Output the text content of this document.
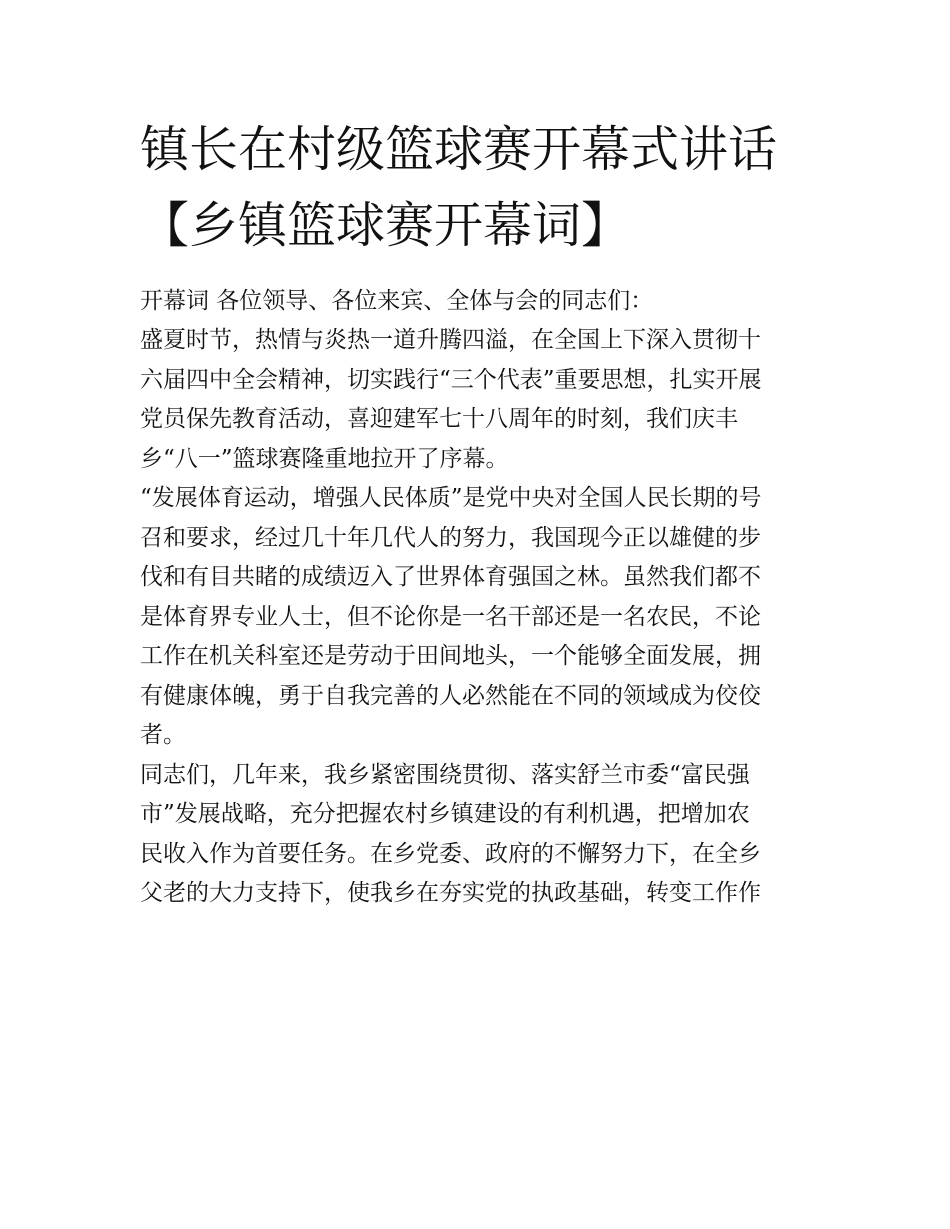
镇长在村级篮球赛开幕式讲话
【乡镇篮球赛开幕词】
开幕词 各位领导、各位来宾、全体与会的同志们：
盛夏时节，热情与炎热一道升腾四溢，在全国上下深入贯彻十
六届四中全会精神，切实践行“三个代表”重要思想，扎实开展
党员保先教育活动，喜迎建军七十八周年的时刻，我们庆丰
乡“八一”篮球赛隆重地拉开了序幕。
“发展体育运动，增强人民体质”是党中央对全国人民长期的号
召和要求，经过几十年几代人的努力，我国现今正以雄健的步
伐和有目共睹的成绩迈入了世界体育强国之林。虽然我们都不
是体育界专业人士，但不论你是一名干部还是一名农民，不论
工作在机关科室还是劳动于田间地头，一个能够全面发展，拥
有健康体魄，勇于自我完善的人必然能在不同的领域成为佼佼
者。
同志们，几年来，我乡紧密围绕贯彻、落实舒兰市委“富民强
市”发展战略，充分把握农村乡镇建设的有利机遇，把增加农
民收入作为首要任务。在乡党委、政府的不懈努力下，在全乡
父老的大力支持下，使我乡在夯实党的执政基础，转变工作作
